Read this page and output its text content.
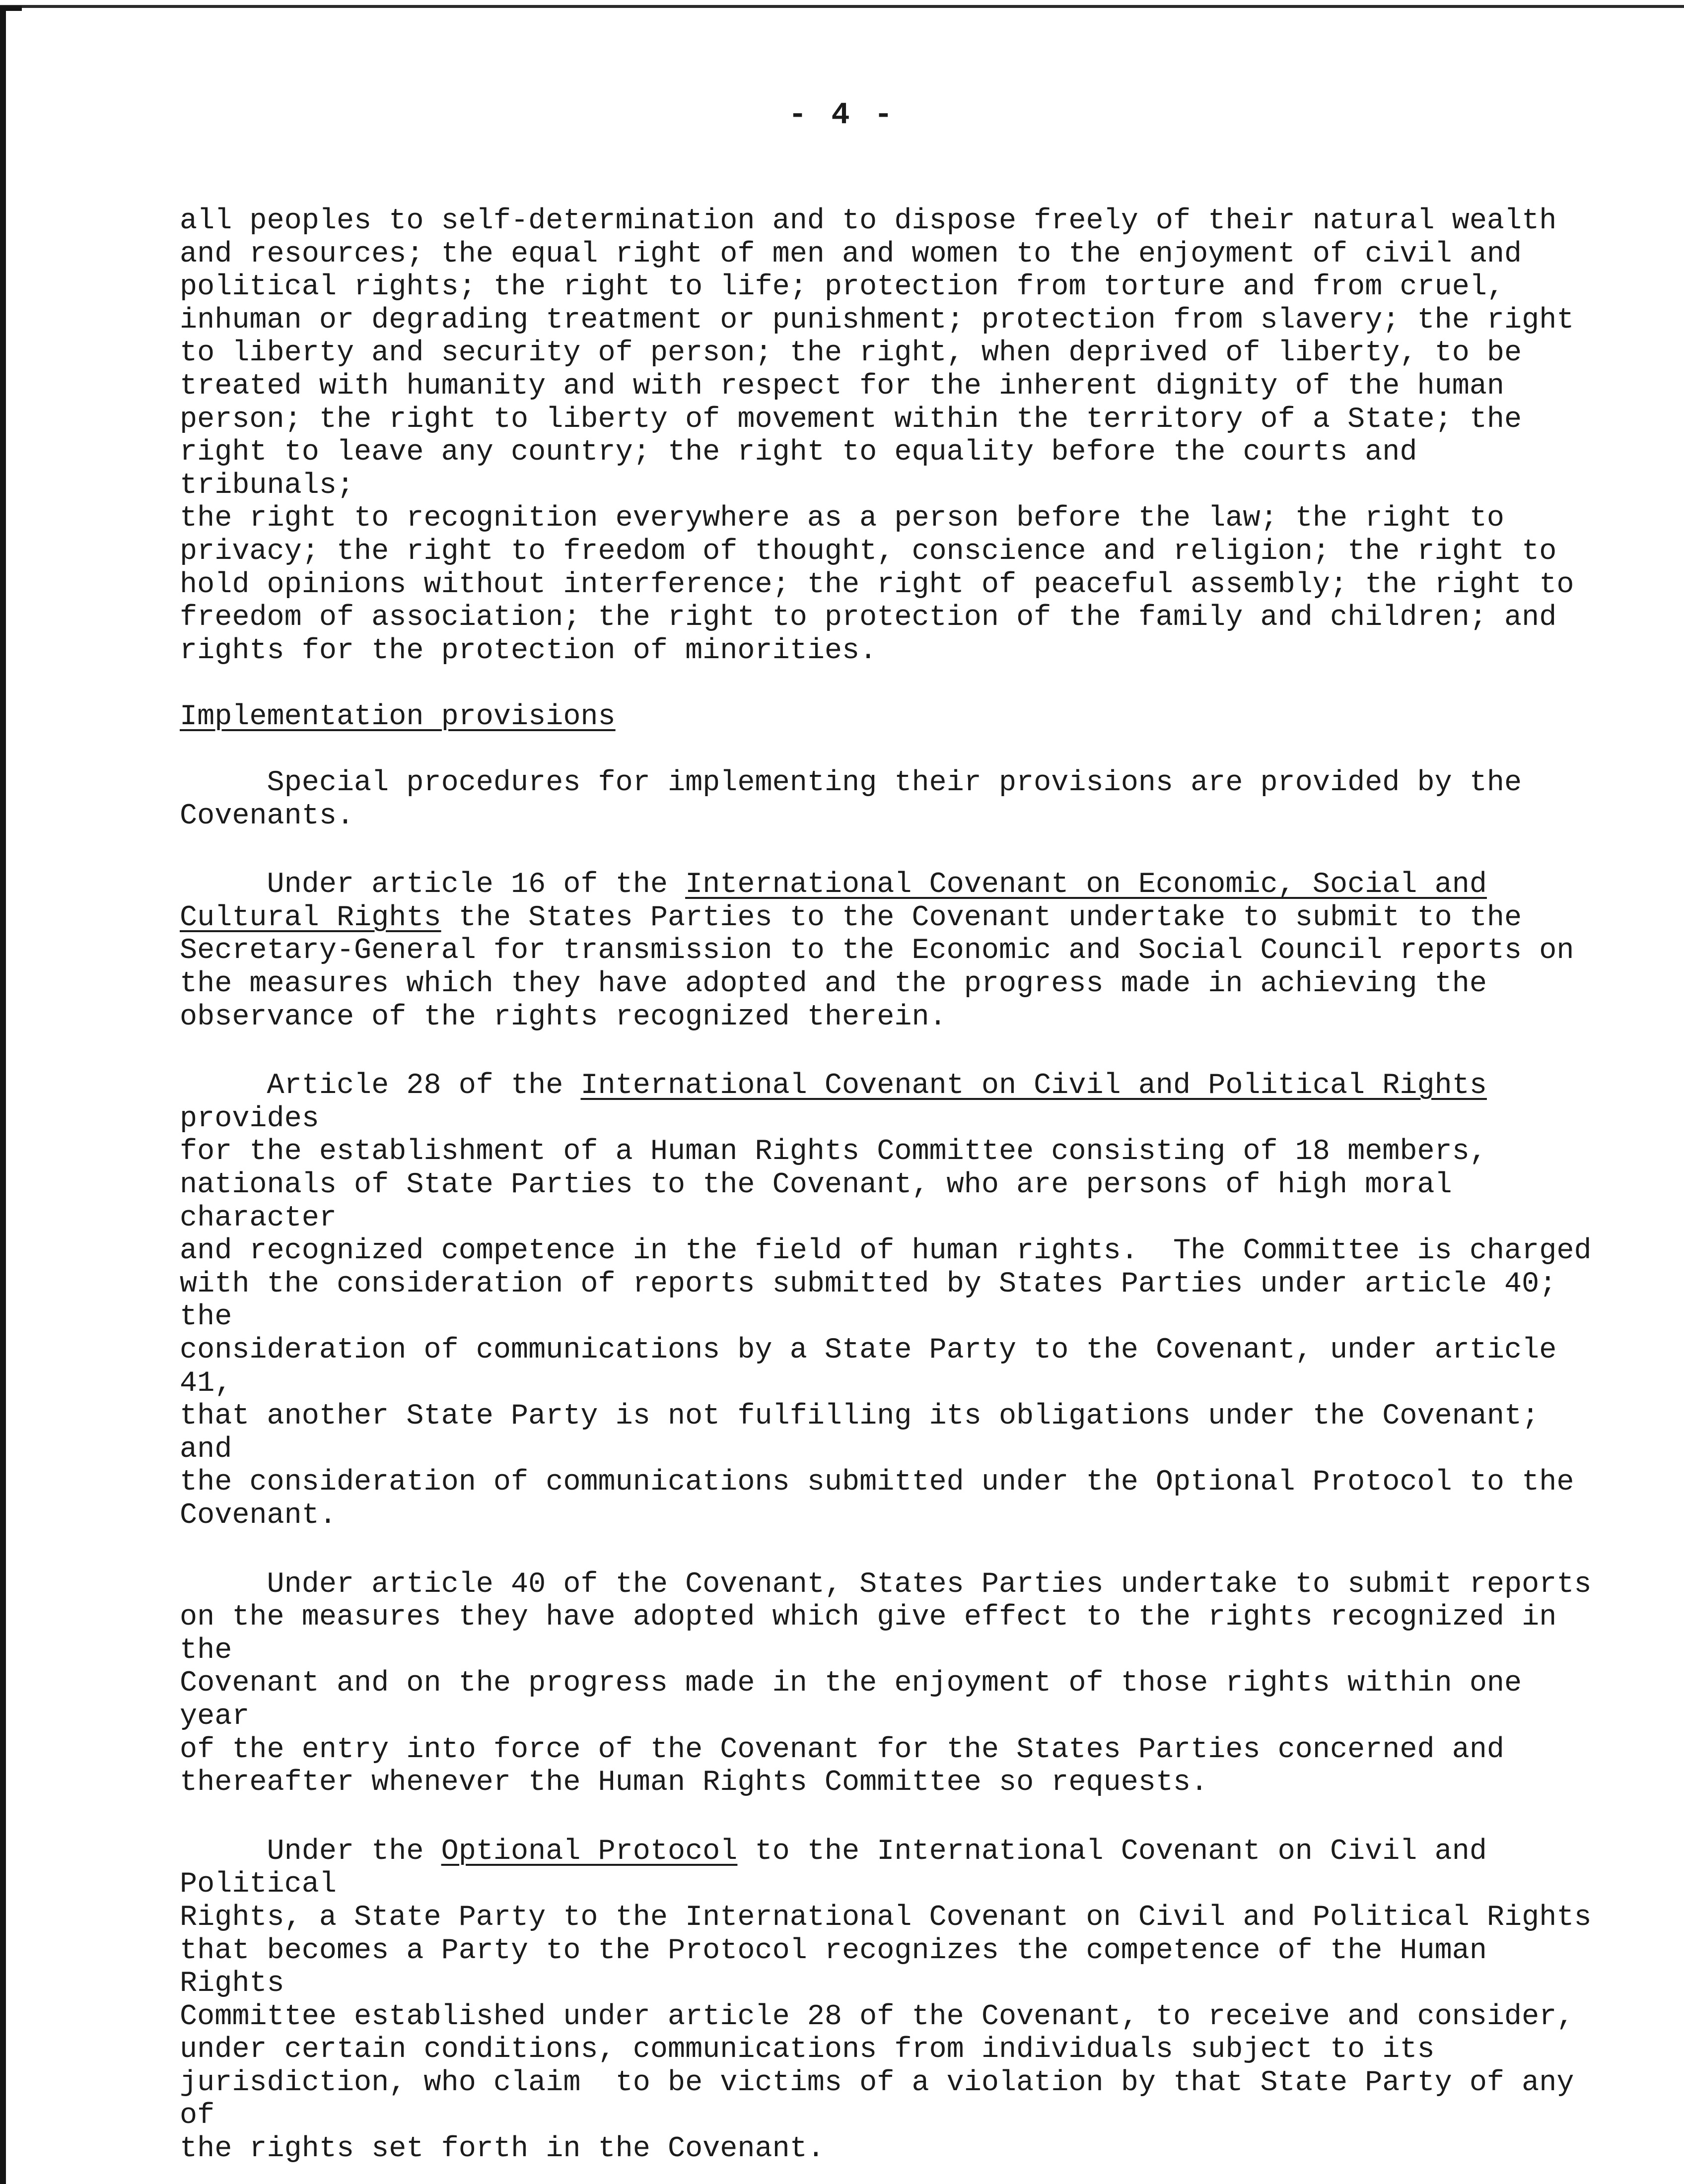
- 4 -

all peoples to self-determination and to dispose freely of their natural wealth
and resources; the equal right of men and women to the enjoyment of civil and
political rights; the right to life; protection from torture and from cruel,
inhuman or degrading treatment or punishment; protection from slavery; the right
to liberty and security of person; the right, when deprived of liberty, to be
treated with humanity and with respect for the inherent dignity of the human
person; the right to liberty of movement within the territory of a State; the
right to leave any country; the right to equality before the courts and tribunals;
the right to recognition everywhere as a person before the law; the right to
privacy; the right to freedom of thought, conscience and religion; the right to
hold opinions without interference; the right of peaceful assembly; the right to
freedom of association; the right to protection of the family and children; and
rights for the protection of minorities.

Implementation provisions

Special procedures for implementing their provisions are provided by the
Covenants.

Under article 16 of the International Covenant on Economic, Social and
Cultural Rights the States Parties to the Covenant undertake to submit to the
Secretary-General for transmission to the Economic and Social Council reports on
the measures which they have adopted and the progress made in achieving the
observance of the rights recognized therein.

Article 28 of the International Covenant on Civil and Political Rights provides
for the establishment of a Human Rights Committee consisting of 18 members,
nationals of State Parties to the Covenant, who are persons of high moral character
and recognized competence in the field of human rights.  The Committee is charged
with the consideration of reports submitted by States Parties under article 40; the
consideration of communications by a State Party to the Covenant, under article 41,
that another State Party is not fulfilling its obligations under the Covenant; and
the consideration of communications submitted under the Optional Protocol to the
Covenant.

Under article 40 of the Covenant, States Parties undertake to submit reports
on the measures they have adopted which give effect to the rights recognized in the
Covenant and on the progress made in the enjoyment of those rights within one year
of the entry into force of the Covenant for the States Parties concerned and
thereafter whenever the Human Rights Committee so requests.

Under the Optional Protocol to the International Covenant on Civil and Political
Rights, a State Party to the International Covenant on Civil and Political Rights
that becomes a Party to the Protocol recognizes the competence of the Human Rights
Committee established under article 28 of the Covenant, to receive and consider,
under certain conditions, communications from individuals subject to its
jurisdiction, who claim  to be victims of a violation by that State Party of any of
the rights set forth in the Covenant.
